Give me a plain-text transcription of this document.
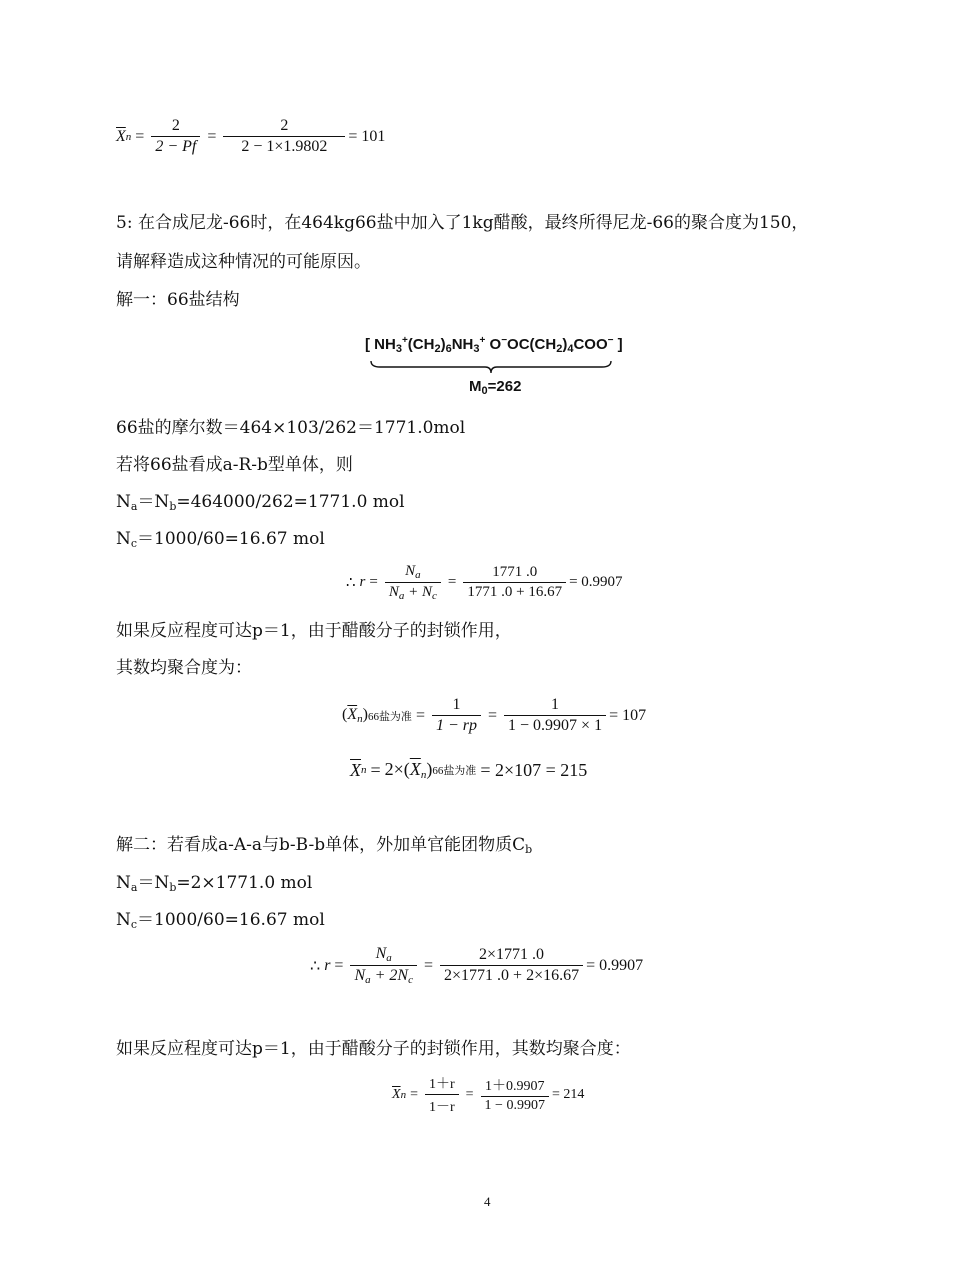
$\overline{X}$ $n = \frac{2}{2 - Pf} = \frac{2}{2 - 1\times 1.9802} = 101$
5: 在合成尼龙-66时，在464kg66盐中加入了1kg醋酸，最终所得尼龙-66的聚合度为150，
请解释造成这种情况的可能原因。
解一：66盐结构
[ $NH_3^+(CH_2)_6NH_3^+$ $O^-OC(CH_2)_4COO^-$ ]
$M_0=262$
66盐的摩尔数＝464×103/262＝1771.0mol
若将66盐看成a-R-b型单体，则
$N_a=N_b=464000/262=1771.0$ mol
$N_c=1000/60=16.67$ mol
∴ $r = \frac{N_a}{N_a + N_c} = \frac{1771 .0}{1771 .0 + 16.67} = 0.9907$
如果反应程度可达p＝1，由于醋酸分子的封锁作用，
其数均聚合度为：
$(\overline{X}_n)$ 66盐为准 = $\frac{1}{1 - rp} = \frac{1}{1 - 0.9907 \times 1} = 107$
$\overline{X}$ $n = 2\times(\overline{X}_n)$ 66盐为准 = 2×107 = 215
解二：若看成a-A-a与b-B-b单体，外加单官能团物质$C_b$
$N_a=N_b=2\times 1771.0$ mol
$N_c=1000/60=16.67$ mol
∴ $r = \frac{N_a}{N_a + 2N_c} = \frac{2\times 1771 .0}{2\times 1771 .0 + 2\times 16.67} = 0.9907$
如果反应程度可达p＝1，由于醋酸分子的封锁作用，其数均聚合度：
$\overline{X}$ $n = \frac{1+r}{1-r} = \frac{1+0.9907}{1 - 0.9907} = 214$
4
